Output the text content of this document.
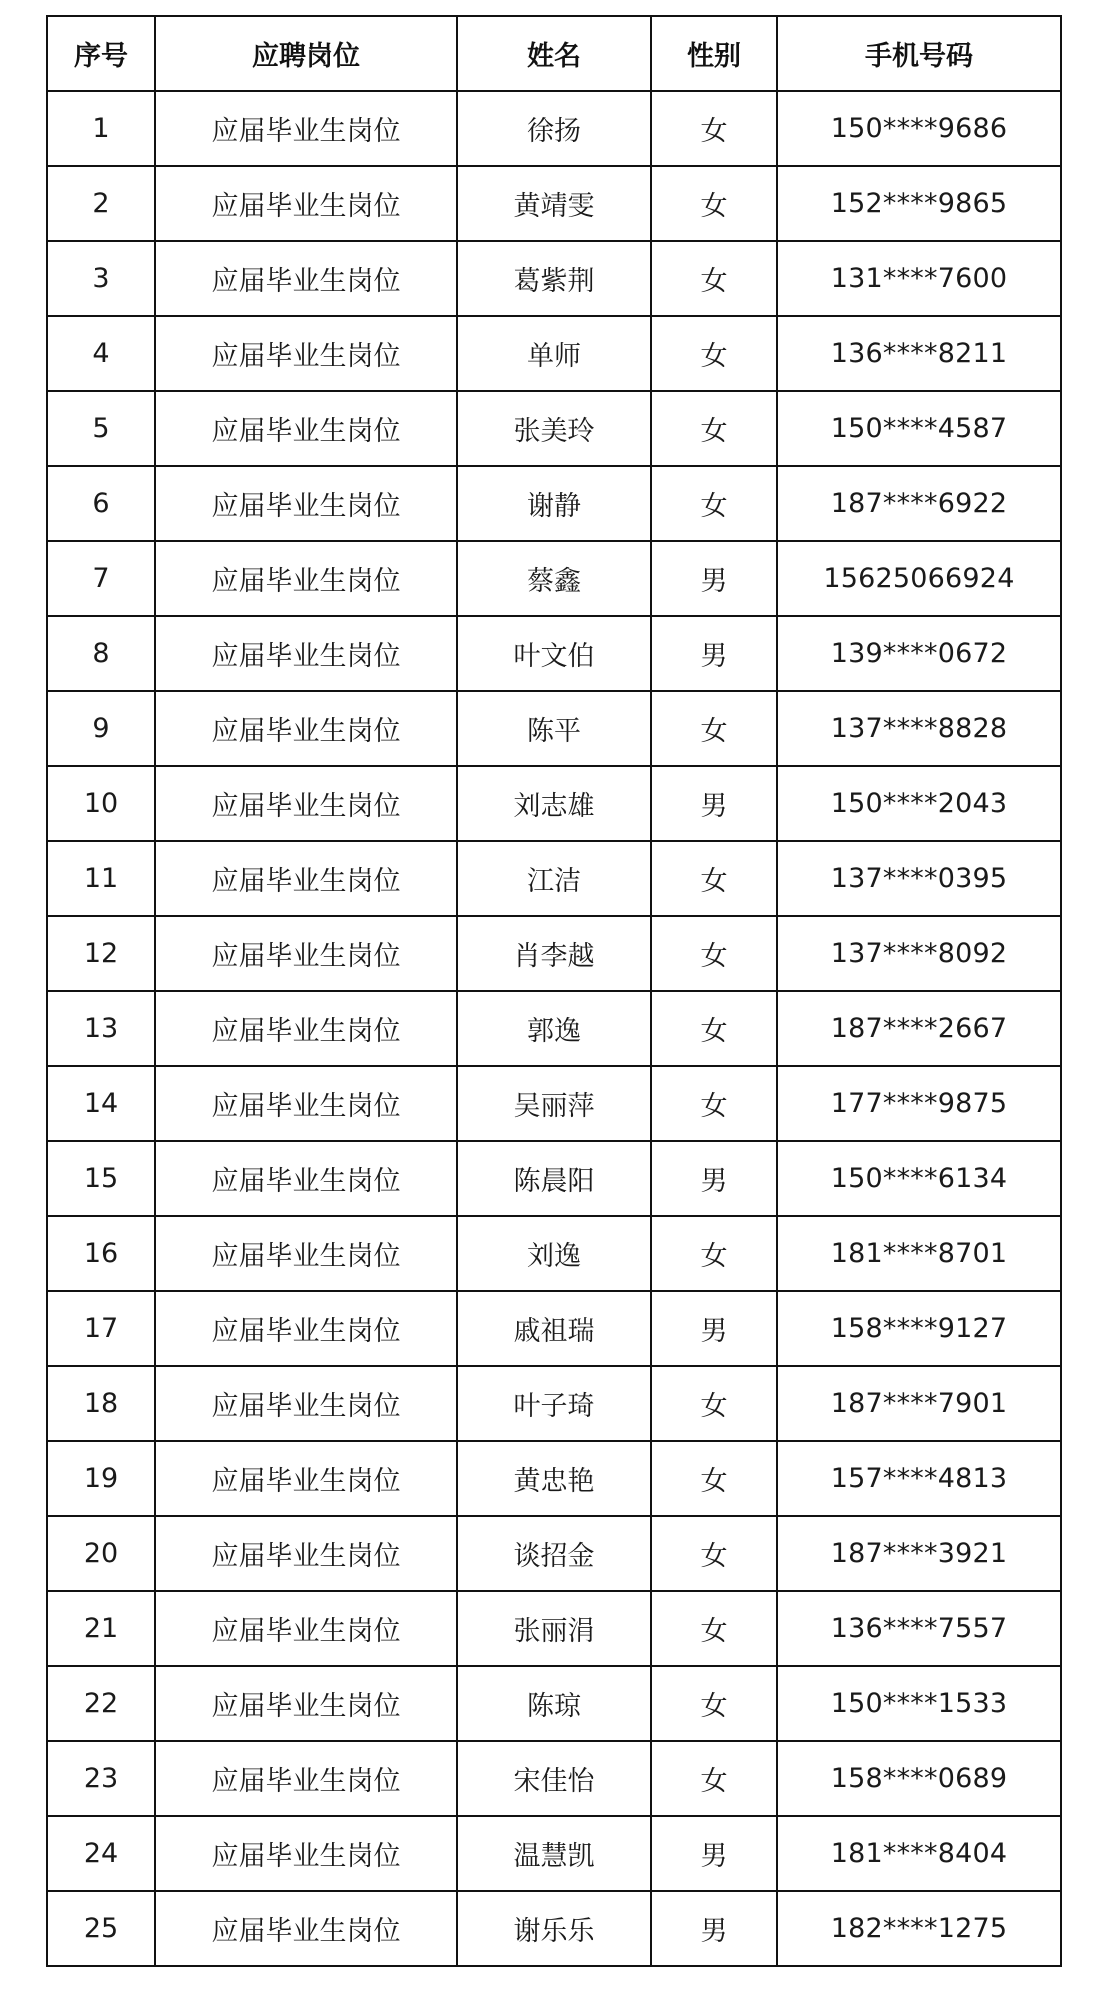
序号	应聘岗位	姓名	性别	手机号码
1	应届毕业生岗位	徐扬	女	150****9686
2	应届毕业生岗位	黄靖雯	女	152****9865
3	应届毕业生岗位	葛紫荆	女	131****7600
4	应届毕业生岗位	单师	女	136****8211
5	应届毕业生岗位	张美玲	女	150****4587
6	应届毕业生岗位	谢静	女	187****6922
7	应届毕业生岗位	蔡鑫	男	15625066924
8	应届毕业生岗位	叶文伯	男	139****0672
9	应届毕业生岗位	陈平	女	137****8828
10	应届毕业生岗位	刘志雄	男	150****2043
11	应届毕业生岗位	江洁	女	137****0395
12	应届毕业生岗位	肖李越	女	137****8092
13	应届毕业生岗位	郭逸	女	187****2667
14	应届毕业生岗位	吴丽萍	女	177****9875
15	应届毕业生岗位	陈晨阳	男	150****6134
16	应届毕业生岗位	刘逸	女	181****8701
17	应届毕业生岗位	戚祖瑞	男	158****9127
18	应届毕业生岗位	叶子琦	女	187****7901
19	应届毕业生岗位	黄忠艳	女	157****4813
20	应届毕业生岗位	谈招金	女	187****3921
21	应届毕业生岗位	张丽涓	女	136****7557
22	应届毕业生岗位	陈琼	女	150****1533
23	应届毕业生岗位	宋佳怡	女	158****0689
24	应届毕业生岗位	温慧凯	男	181****8404
25	应届毕业生岗位	谢乐乐	男	182****1275
